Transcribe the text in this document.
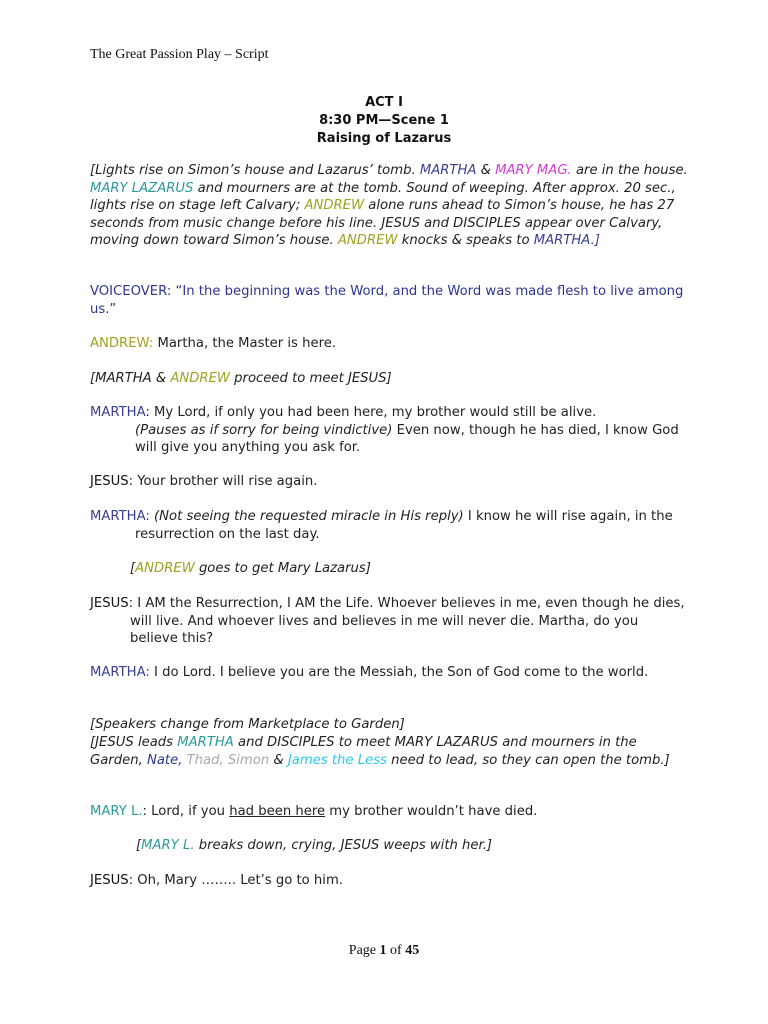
The Great Passion Play – Script
ACT I
8:30 PM—Scene 1
Raising of Lazarus
[Lights rise on Simon’s house and Lazarus’ tomb. MARTHA & MARY MAG. are in the house. MARY LAZARUS and mourners are at the tomb. Sound of weeping. After approx. 20 sec., lights rise on stage left Calvary; ANDREW alone runs ahead to Simon’s house, he has 27 seconds from music change before his line. JESUS and DISCIPLES appear over Calvary, moving down toward Simon’s house. ANDREW knocks & speaks to MARTHA.]
VOICEOVER: “In the beginning was the Word, and the Word was made flesh to live among us.”
ANDREW: Martha, the Master is here.
[MARTHA & ANDREW proceed to meet JESUS]
MARTHA: My Lord, if only you had been here, my brother would still be alive.
(Pauses as if sorry for being vindictive) Even now, though he has died, I know God will give you anything you ask for.
JESUS: Your brother will rise again.
MARTHA: (Not seeing the requested miracle in His reply) I know he will rise again, in the resurrection on the last day.
[ANDREW goes to get Mary Lazarus]
JESUS: I AM the Resurrection, I AM the Life. Whoever believes in me, even though he dies, will live. And whoever lives and believes in me will never die. Martha, do you believe this?
MARTHA: I do Lord. I believe you are the Messiah, the Son of God come to the world.
[Speakers change from Marketplace to Garden]
[JESUS leads MARTHA and DISCIPLES to meet MARY LAZARUS and mourners in the Garden, Nate, Thad, Simon & James the Less need to lead, so they can open the tomb.]
MARY L.: Lord, if you had been here my brother wouldn’t have died.
[MARY L. breaks down, crying, JESUS weeps with her.]
JESUS: Oh, Mary …….. Let’s go to him.
Page 1 of 45
